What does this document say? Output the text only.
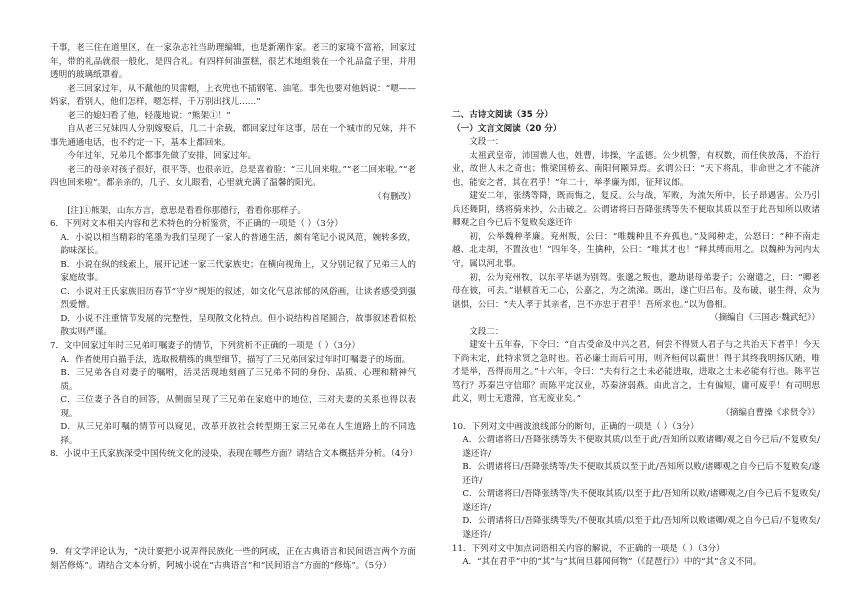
千事，老三住在道里区，在一家杂志社当助理编辑，也是新潮作家。老三的家境不富裕，回家过年，带的礼品就很一般化，是四合礼。有四样何油蛋糕，很艺术地组装在一个礼品盒子里，并用透明的玻璃纸罩着。

老三回家过年，从不戴他的贝雷帽，上衣兜也不插钢笔、油笔。事先也要对他妈说：“嗯——妈家，看别人，他们怎样，嗯怎样，千万别出找儿……”

老三的媳妇看了他，轻蔑地说：“熊架①！”

自从老三兄妹四人分别嫁娶后，几二十余载，都回家过年这事，居在一个城市的兄妹，并不事先通通电话，也不约定一下，基本上都回来。

今年过年，兄弟几个都事先做了安排，回家过年。

老三的母亲对孩子很好，很平等，也很亲近，总是喜着脸：“三儿回来啦。”“老二回来啦。”“老四也回来啦”。都亲亲的，几子、女儿眼看，心里就充满了温馨的阳光。

（有删改）

[注]①熊架，山东方言，意思是看看你那德行，看看你那样子。

6．下列对文本相关内容和艺术特色的分析鉴赏，不正确的一项是（ ）（3分）

A．小说以相当精彩的笔墨为我们呈现了一家人的普通生活，颇有笔记小说风范，婉转多致，韵味深长。

B．小说在纵的线索上，展开记述一家三代家族史；在横向视角上，又分别记叙了兄弟三人的家庭故事。

C．小说对王氏家族旧历春节“守岁”规矩的叙述，如文化气息浓郁的风俗画，让读者感受到强烈爱憎。

D．小说不注重情节发展的完整性，呈现散文化特点。但小说结构首尾圆合，故事叙述看似松散实则严谨。

7．文中回家过年时三兄弟叮嘱妻子的情节，下列赏析不正确的一项是（ ）（3分）

A．作者使用白描手法，选取极精练的典型细节，描写了三兄弟回家过年时叮嘱妻子的场面。

B．三兄弟各自对妻子的嘱咐，活灵活现地刻画了三兄弟不同的身份、品质、心理和精神气质。

C．三位妻子各自的回答，从侧面呈现了三兄弟在家庭中的地位，三对夫妻的关系也得以表现。

D．从三兄弟叮嘱的情节可以窥见，改革开放社会转型期王家三兄弟在人生道路上的不同选择。

8．小说中王氏家族深受中国传统文化的浸染，表现在哪些方面？请结合文本概括并分析。（4分）

9．有文学评论认为，“决计要把小说弄得民族化一些的阿成，正在古典语言和民间语言两个方面刻苦修炼”。请结合文本分析，阿城小说在“古典语言”和“民间语言”方面的“修炼”。（5分）

二、古诗文阅读（35 分）

（一）文言文阅读（20 分）

文段一：

太祖武皇帝，沛国谯人也，姓曹，讳操，字孟德。公少机警，有权数，而任侠放荡，不治行业，故世人未之奇也；惟梁国桥玄、南阳何颙异焉。玄谓公曰：“天下将乱，非命世之才不能济也，能安之者，其在君乎！”年二十，举孝廉为郎，征拜议郎。

建安二年，张绣等降，既而悔之，复反。公与战，军败，为流矢所中，长子昂遇害。公乃引兵还舞阴，绣将骑来抄，公击破之。公谓诸将曰吾降张绣等失不便取其质以至于此吾知所以败诸卿观之自今已后不复败矣遂还许

初，公举魏种孝廉。兖州叛，公曰：“唯魏种且不弃孤也。”及闻种走，公怒曰：“种不南走越、北走胡，不置汝也！”四年冬，生擒种，公曰：“唯其才也！”释其缚而用之。以魏种为河内太守，属以河北事。

初，公为兖州牧，以东平毕谌为别驾。张邈之叛也，邀劫谌母弟妻子；公谢遣之，曰：“卿老母在彼，可去。”谌顿首无二心，公嘉之，为之流涕。既出，遂亡归吕布。及布破，谌生得，众为谌惧，公曰：“夫人孝于其亲者，岂不亦忠于君乎！吾所求也。”以为鲁相。

（摘编自《三国志·魏武纪》）

文段二：

建安十五年春，下令曰：“自古受命及中兴之君，何尝不得贤人君子与之共治天下者乎！今天下尚未定，此特求贤之急时也。若必廉士而后可用，则齐桓何以霸世！得于其终我明扬仄陋，唯才是举，吾得而用之。”十六年，令曰：“夫有行之士未必能进取，进取之士未必能有行也。陈平岂笃行？苏秦岂守信耶？而陈平定汉业，苏秦济弱燕。由此言之，士有偏短，庸可废乎！有司明思此义，则士无遗滞，官无废业矣。”

（摘编自曹操《求贤令》）

10．下列对文中画波浪线部分的断句，正确的一项是（ ）（3分）

A．公谓诸将曰/吾降张绣等失不便取其质/以至于此/吾知所以败诸卿/观之自今已后/不复败矣/遂还许/

B．公谓诸将曰/吾降张绣等/失不便取其质以至于此/吾知所以败/诸卿观之自今已后不复败矣/遂还许/

C．公谓诸将曰/吾降张绣等/失不便取其质/以至于此/吾知所以败/诸卿观之/自今已后不复败矣/遂还许/

D．公谓诸将曰/吾降张绣等失/不便取其质/以至于此/吾知所以败诸卿/观之自今已后/不复败矣/遂还许/

11．下列对文中加点词语相关内容的解说，不正确的一项是（ ）（3分）

A．“其在君乎”中的“其”与“其间旦暮闻何物”（《琵琶行》）中的“其”含义不同。
